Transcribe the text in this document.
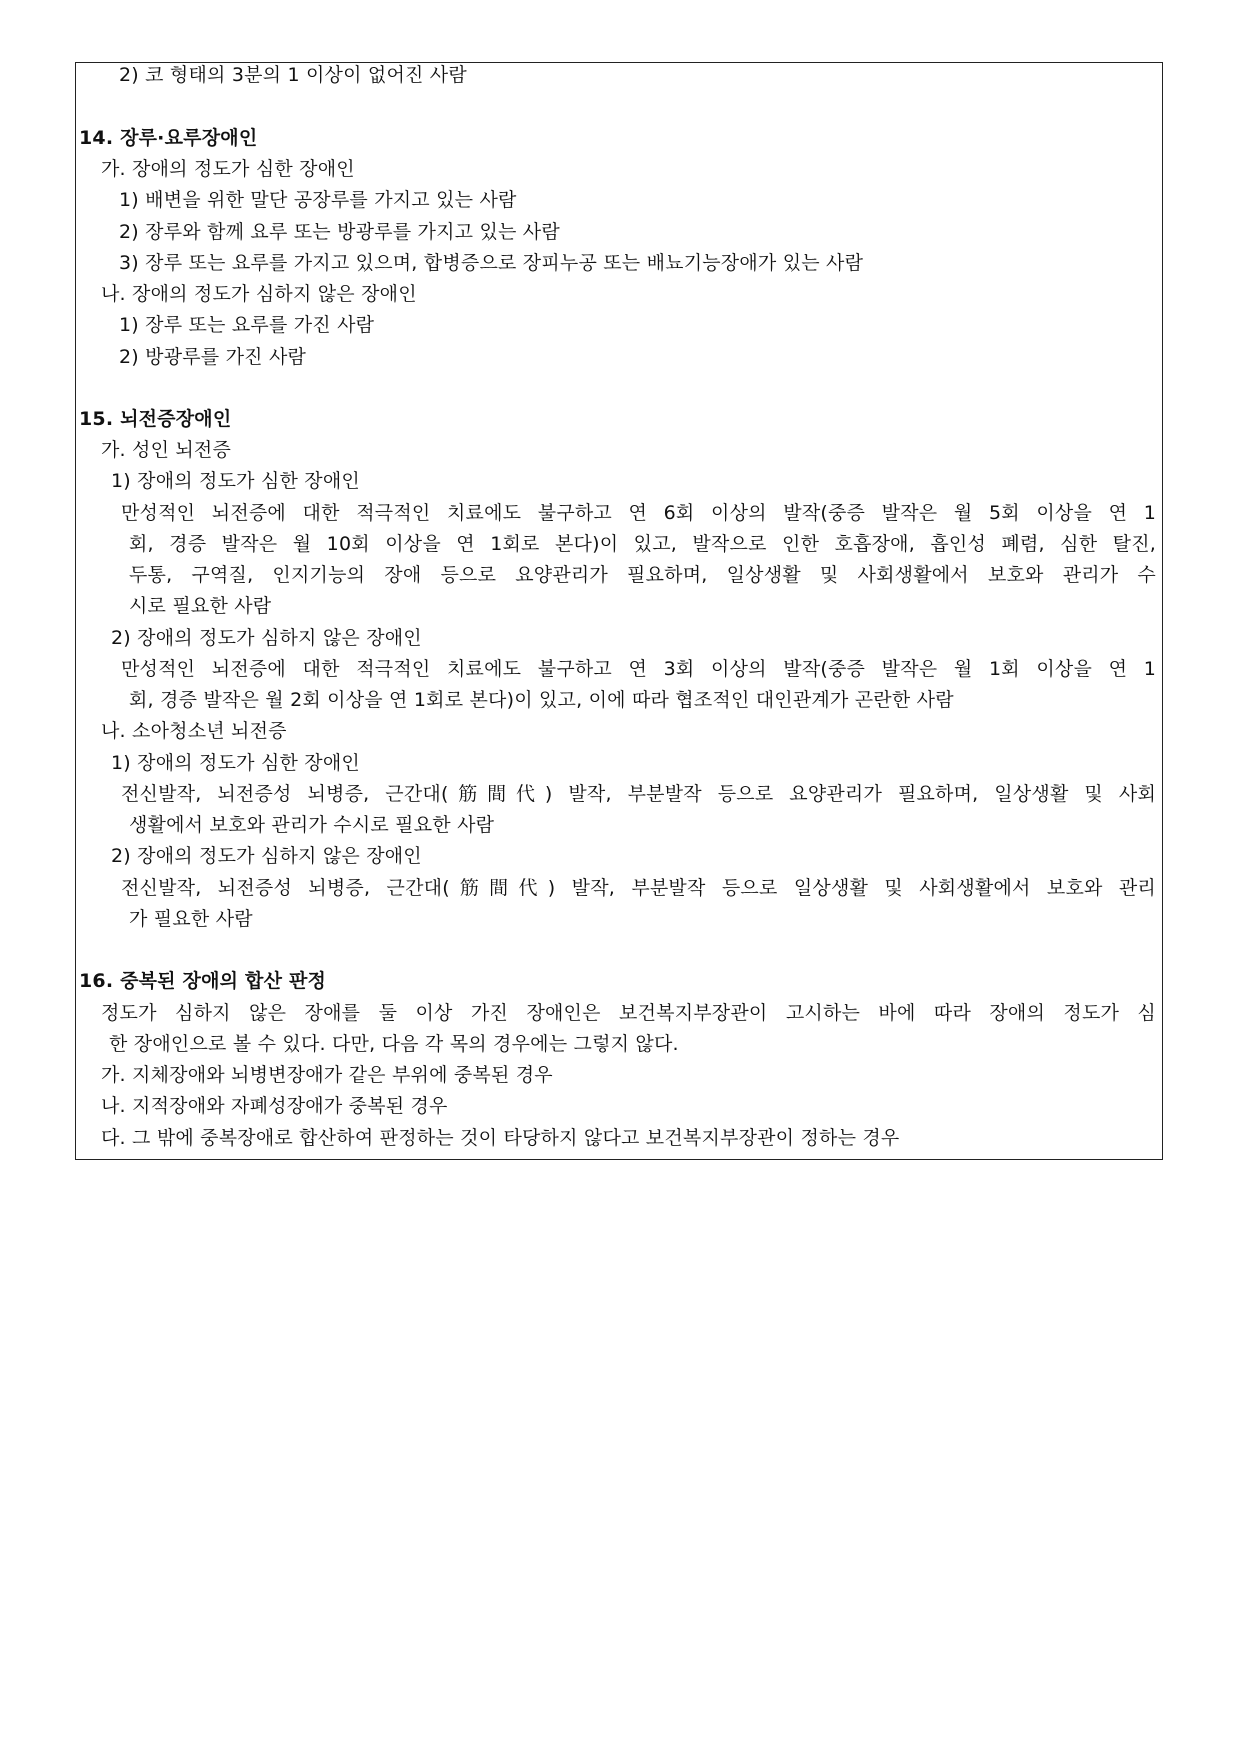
2) 코 형태의 3분의 1 이상이 없어진 사람
14. 장루·요루장애인
가. 장애의 정도가 심한 장애인
1) 배변을 위한 말단 공장루를 가지고 있는 사람
2) 장루와 함께 요루 또는 방광루를 가지고 있는 사람
3) 장루 또는 요루를 가지고 있으며, 합병증으로 장피누공 또는 배뇨기능장애가 있는 사람
나. 장애의 정도가 심하지 않은 장애인
1) 장루 또는 요루를 가진 사람
2) 방광루를 가진 사람
15. 뇌전증장애인
가. 성인 뇌전증
1) 장애의 정도가 심한 장애인
만성적인 뇌전증에 대한 적극적인 치료에도 불구하고 연 6회 이상의 발작(중증 발작은 월 5회 이상을 연 1
회, 경증 발작은 월 10회 이상을 연 1회로 본다)이 있고, 발작으로 인한 호흡장애, 흡인성 폐렴, 심한 탈진,
두통, 구역질, 인지기능의 장애 등으로 요양관리가 필요하며, 일상생활 및 사회생활에서 보호와 관리가 수
시로 필요한 사람
2) 장애의 정도가 심하지 않은 장애인
만성적인 뇌전증에 대한 적극적인 치료에도 불구하고 연 3회 이상의 발작(중증 발작은 월 1회 이상을 연 1
회, 경증 발작은 월 2회 이상을 연 1회로 본다)이 있고, 이에 따라 협조적인 대인관계가 곤란한 사람
나. 소아청소년 뇌전증
1) 장애의 정도가 심한 장애인
전신발작, 뇌전증성 뇌병증, 근간대(筋間代) 발작, 부분발작 등으로 요양관리가 필요하며, 일상생활 및 사회
생활에서 보호와 관리가 수시로 필요한 사람
2) 장애의 정도가 심하지 않은 장애인
전신발작, 뇌전증성 뇌병증, 근간대(筋間代) 발작, 부분발작 등으로 일상생활 및 사회생활에서 보호와 관리
가 필요한 사람
16. 중복된 장애의 합산 판정
정도가 심하지 않은 장애를 둘 이상 가진 장애인은 보건복지부장관이 고시하는 바에 따라 장애의 정도가 심
한 장애인으로 볼 수 있다. 다만, 다음 각 목의 경우에는 그렇지 않다.
가. 지체장애와 뇌병변장애가 같은 부위에 중복된 경우
나. 지적장애와 자폐성장애가 중복된 경우
다. 그 밖에 중복장애로 합산하여 판정하는 것이 타당하지 않다고 보건복지부장관이 정하는 경우
